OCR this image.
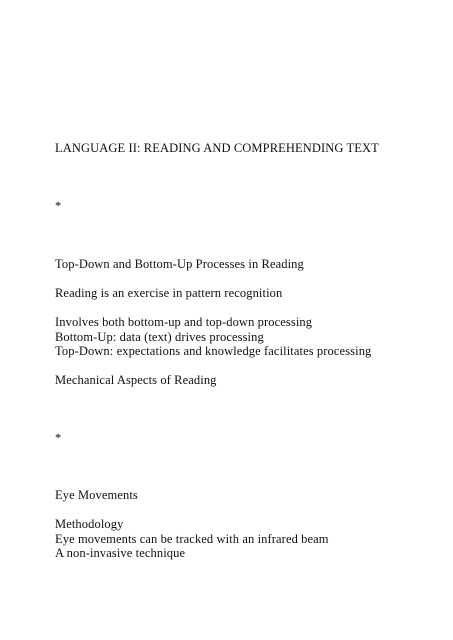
LANGUAGE II: READING AND COMPREHENDING TEXT
*
Top-Down and Bottom-Up Processes in Reading
Reading is an exercise in pattern recognition
Involves both bottom-up and top-down processing
Bottom-Up: data (text) drives processing
Top-Down: expectations and knowledge facilitates processing
Mechanical Aspects of Reading
*
Eye Movements
Methodology
Eye movements can be tracked with an infrared beam
A non-invasive technique
